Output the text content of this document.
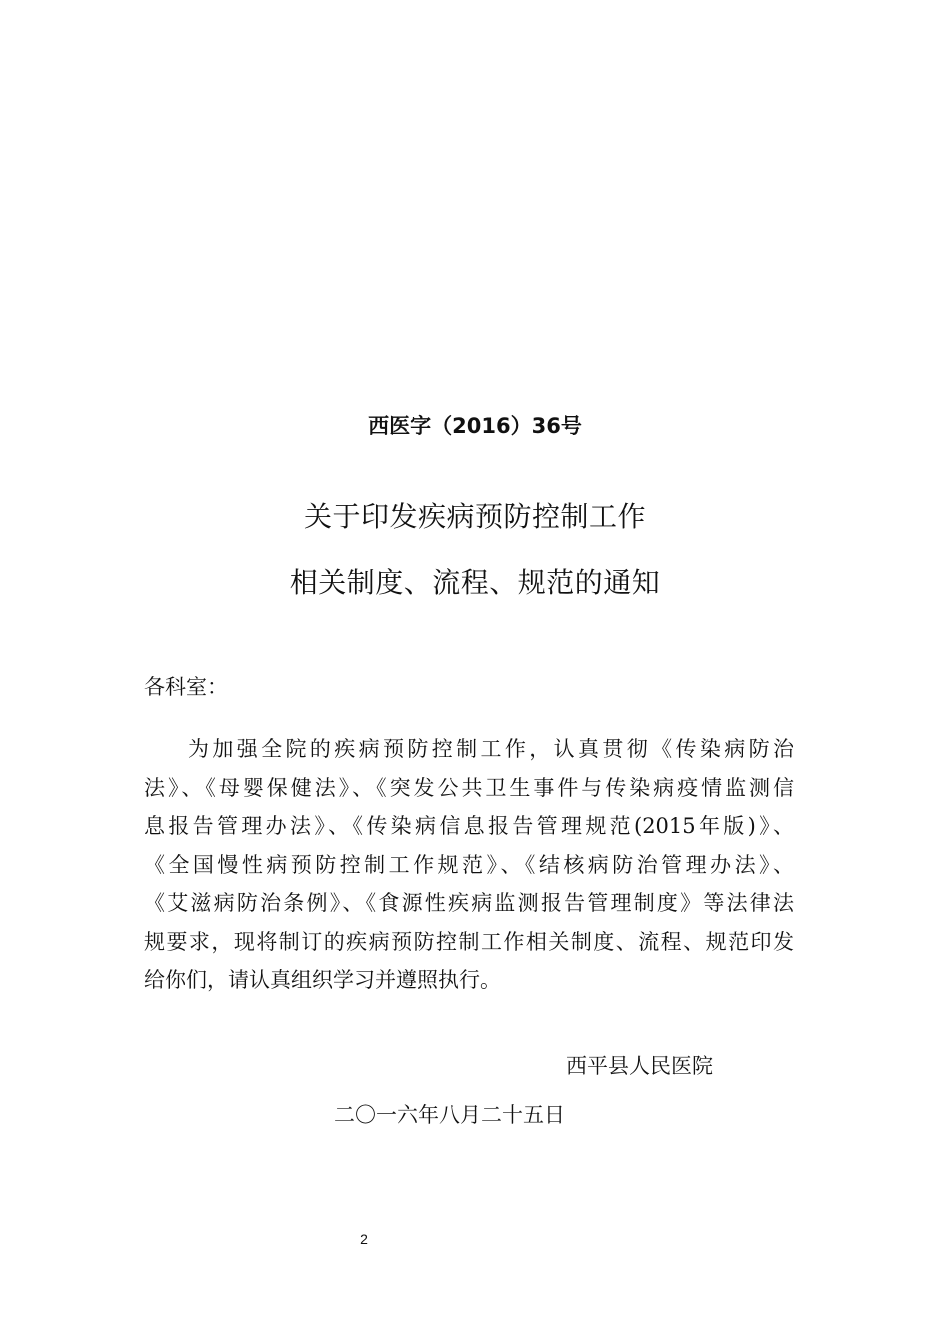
西医字（2016）36号
关于印发疾病预防控制工作
相关制度、流程、规范的通知
各科室：
为加强全院的疾病预防控制工作，认真贯彻《传染病防治
法》、《母婴保健法》、《突发公共卫生事件与传染病疫情监测信
息报告管理办法》、《传染病信息报告管理规范(2015年版)》、
《全国慢性病预防控制工作规范》、《结核病防治管理办法》、
《艾滋病防治条例》、《食源性疾病监测报告管理制度》等法律法
规要求，现将制订的疾病预防控制工作相关制度、流程、规范印发
给你们，请认真组织学习并遵照执行。
西平县人民医院
二〇一六年八月二十五日
2
